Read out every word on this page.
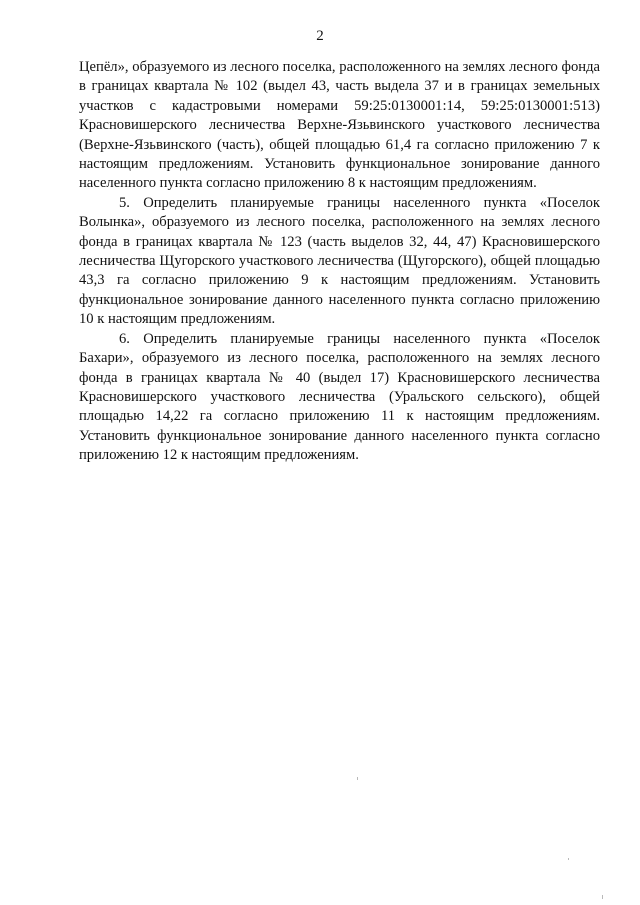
2

Цепёл», образуемого из лесного поселка, расположенного на землях лесного фонда в границах квартала № 102 (выдел 43, часть выдела 37 и в границах земельных участков с кадастровыми номерами 59:25:0130001:14, 59:25:0130001:513) Красновишерского лесничества Верхне-Язьвинского участкового лесничества (Верхне-Язьвинского (часть), общей площадью 61,4 га согласно приложению 7 к настоящим предложениям. Установить функциональное зонирование данного населенного пункта согласно приложению 8 к настоящим предложениям.

5. Определить планируемые границы населенного пункта «Поселок Волынка», образуемого из лесного поселка, расположенного на землях лесного фонда в границах квартала № 123 (часть выделов 32, 44, 47) Красновишерского лесничества Щугорского участкового лесничества (Щугорского), общей площадью 43,3 га согласно приложению 9 к настоящим предложениям. Установить функциональное зонирование данного населенного пункта согласно приложению 10 к настоящим предложениям.

6. Определить планируемые границы населенного пункта «Поселок Бахари», образуемого из лесного поселка, расположенного на землях лесного фонда в границах квартала № 40 (выдел 17) Красновишерского лесничества Красновишерского участкового лесничества (Уральского сельского), общей площадью 14,22 га согласно приложению 11 к настоящим предложениям. Установить функциональное зонирование данного населенного пункта согласно приложению 12 к настоящим предложениям.
